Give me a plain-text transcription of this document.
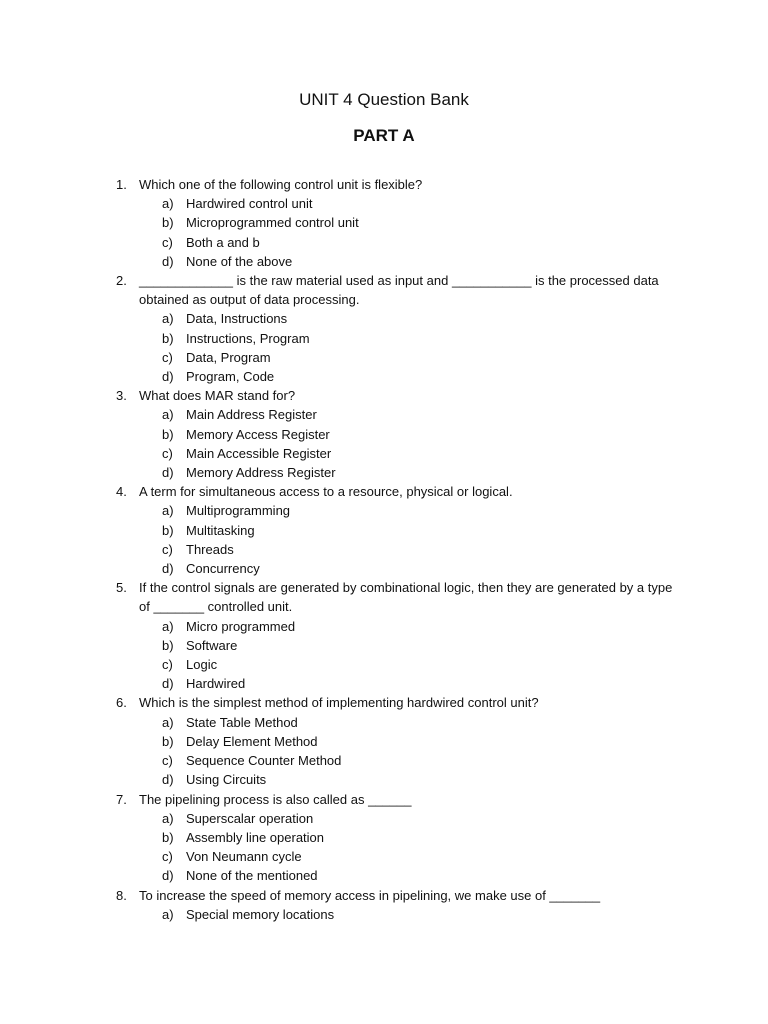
UNIT 4 Question Bank
PART A
1. Which one of the following control unit is flexible?
a) Hardwired control unit
b) Microprogrammed control unit
c) Both a and b
d) None of the above
2. _____________ is the raw material used as input and ___________ is the processed data obtained as output of data processing.
a) Data, Instructions
b) Instructions, Program
c) Data, Program
d) Program, Code
3. What does MAR stand for?
a) Main Address Register
b) Memory Access Register
c) Main Accessible Register
d) Memory Address Register
4. A term for simultaneous access to a resource, physical or logical.
a) Multiprogramming
b) Multitasking
c) Threads
d) Concurrency
5. If the control signals are generated by combinational logic, then they are generated by a type of _______ controlled unit.
a) Micro programmed
b) Software
c) Logic
d) Hardwired
6. Which is the simplest method of implementing hardwired control unit?
a) State Table Method
b) Delay Element Method
c) Sequence Counter Method
d) Using Circuits
7. The pipelining process is also called as ______
a) Superscalar operation
b) Assembly line operation
c) Von Neumann cycle
d) None of the mentioned
8. To increase the speed of memory access in pipelining, we make use of _______
a) Special memory locations
